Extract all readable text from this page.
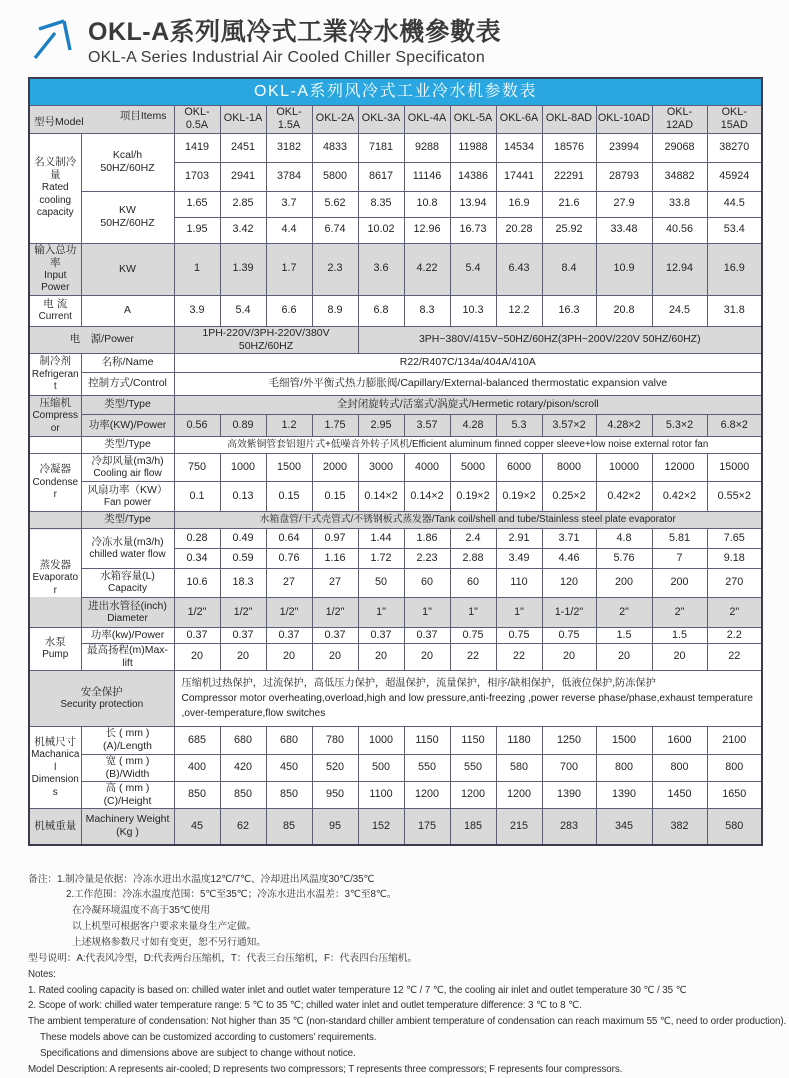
OKL-A系列風冷式工業冷水機參數表
OKL-A Series Industrial Air Cooled Chiller Specificaton
OKL-A系列风冷式工业冷水机参数表													

型号Model
项目Items		OKL-0.5A	OKL-1A	OKL-1.5A	OKL-2A	OKL-3A	OKL-4A	OKL-5A	OKL-6A	OKL-8AD	OKL-10AD	OKL-12AD	OKL-15AD

名义制冷量
Rated cooling capacity	Kcal/h
50HZ/60HZ	1419	2451	3182	4833	7181	9288	11988	14534	18576	23994	29068	38270
		1703	2941	3784	5800	8617	11146	14386	17441	22291	28793	34882	45924

	KW
50HZ/60HZ	1.65	2.85	3.7	5.62	8.35	10.8	13.94	16.9	21.6	27.9	33.8	44.5
		1.95	3.42	4.4	6.74	10.02	12.96	16.73	20.28	25.92	33.48	40.56	53.4

输入总功率
Input Power	KW	1	1.39	1.7	2.3	3.6	4.22	5.4	6.43	8.4	10.9	12.94	16.9

电 流
Current	A	3.9	5.4	6.6	8.9	6.8	8.3	10.3	12.2	16.3	20.8	24.5	31.8
电　源/Power		1PH-220V/3PH-220V/380V 50HZ/60HZ				3PH~380V/415V~50HZ/60HZ(3PH~200V/220V 50HZ/60HZ)							

制冷剂
Refrigerant	名称/Name	R22/R407C/134a/404A/410A											
	控制方式/Control	毛细管/外平衡式热力膨胀阀/Capillary/External-balanced thermostatic expansion valve											

压缩机
Compressor	类型/Type	全封闭旋转式/活塞式/涡旋式/Hermetic rotary/pison/scroll											
	功率(KW)/Power	0.56	0.89	1.2	1.75	2.95	3.57	4.28	5.3	3.57×2	4.28×2	5.3×2	6.8×2
	类型/Type	高效紫铜管套铝翅片式+低噪音外转子风机/Efficient aluminum finned copper sleeve+low noise external rotor fan											

冷凝器
Condenser	冷却风量(m3/h)
Cooling air flow	750	1000	1500	2000	3000	4000	5000	6000	8000	10000	12000	15000

	风扇功率（KW）
Fan power	0.1	0.13	0.15	0.15	0.14×2	0.14×2	0.19×2	0.19×2	0.25×2	0.42×2	0.42×2	0.55×2
	类型/Type	水箱盘管/干式壳管式/不锈钢板式蒸发器/Tank coil/shell and tube/Stainless steel plate evaporator											

蒸发器
Evaporator	冷冻水量(m3/h)
chilled water flow	0.28	0.49	0.64	0.97	1.44	1.86	2.4	2.91	3.71	4.8	5.81	7.65
		0.34	0.59	0.76	1.16	1.72	2.23	2.88	3.49	4.46	5.76	7	9.18

	水箱容量(L)
Capacity	10.6	18.3	27	27	50	60	60	110	120	200	200	270

	进出水管径(inch)
Diameter	1/2"	1/2"	1/2"	1/2"	1"	1"	1"	1"	1-1/2"	2"	2"	2"

水泵
Pump	功率(kw)/Power	0.37	0.37	0.37	0.37	0.37	0.37	0.75	0.75	0.75	1.5	1.5	2.2
	最高扬程(m)Max-lift	20	20	20	20	20	20	22	22	20	20	20	22

安全保护
Security protection

压缩机过热保护，过流保护，高低压力保护，超温保护，流量保护，相序/缺相保护，低液位保护,防冻保护
Compressor motor overheating,overload,high and low pressure,anti-freezing ,power reverse phase/phase,exhaust temperature ,over-temperature,flow switches

机械尺寸
Machanical Dimensions	长 ( mm ) (A)/Length	685	680	680	780	1000	1150	1150	1180	1250	1500	1600	2100
	宽 ( mm ) (B)/Width	400	420	450	520	500	550	550	580	700	800	800	800
	高 ( mm ) (C)/Height	850	850	850	950	1100	1200	1200	1200	1390	1390	1450	1650
机械重量	Machinery Weight
(Kg )	45	62	85	95	152	175	185	215	283	345	382	580
备注：1.制冷量是依据：冷冻水进出水温度12℃/7℃、冷却进出风温度30℃/35℃
2.工作范围：冷冻水温度范围：5℃至35℃；冷冻水进出水温差：3℃至8℃。
在冷凝环境温度不高于35℃使用
以上机型可根据客户要求来量身生产定做。
上述规格参数尺寸如有变更，恕不另行通知。
型号说明：A:代表风冷型，D:代表两台压缩机，T：代表三台压缩机，F：代表四台压缩机。
Notes:
1. Rated cooling capacity is based on: chilled water inlet and outlet water temperature 12 ℃ / 7 ℃, the cooling air inlet and outlet temperature 30 ℃ / 35 ℃
2. Scope of work: chilled water temperature range: 5 ℃ to 35 ℃; chilled water inlet and outlet temperature difference: 3 ℃ to 8 ℃.
The ambient temperature of condensation: Not higher than 35 ℃ (non-standard chiller ambient temperature of condensation can reach maximum 55 ℃, need to order production).
These models above can be customized according to customers’ requirements.
Specifications and dimensions above are subject to change without notice.
Model Description: A represents air-cooled; D represents two compressors; T represents three compressors; F represents four compressors.
